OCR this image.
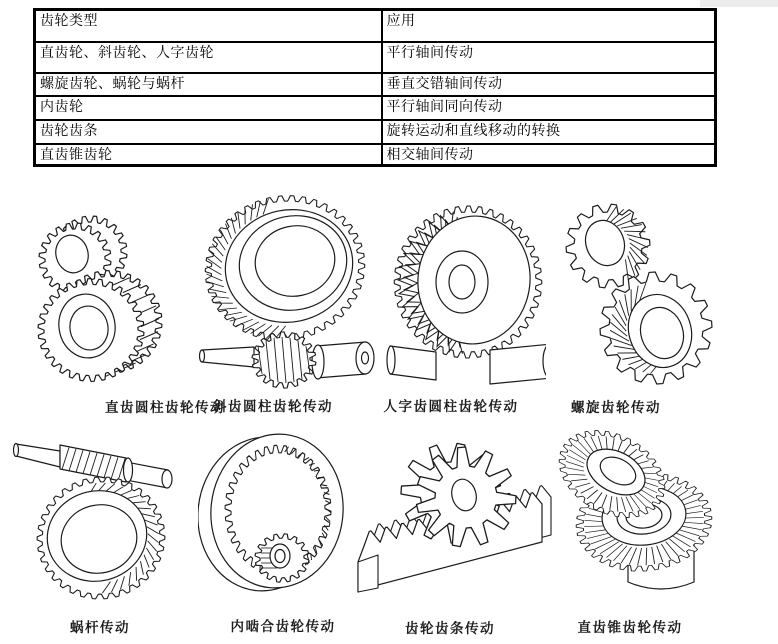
齿轮类型	应用
直齿轮、斜齿轮、人字齿轮	平行轴间传动
螺旋齿轮、蜗轮与蜗杆	垂直交错轴间传动
内齿轮	平行轴间同向传动
齿轮齿条	旋转运动和直线移动的转换
直齿锥齿轮	相交轴间传动
直齿圆柱齿轮传动
斜齿圆柱齿轮传动	人字齿圆柱齿轮传动	螺旋齿轮传动
蜗杆传动	内啮合齿轮传动	齿轮齿条传动	直齿锥齿轮传动
